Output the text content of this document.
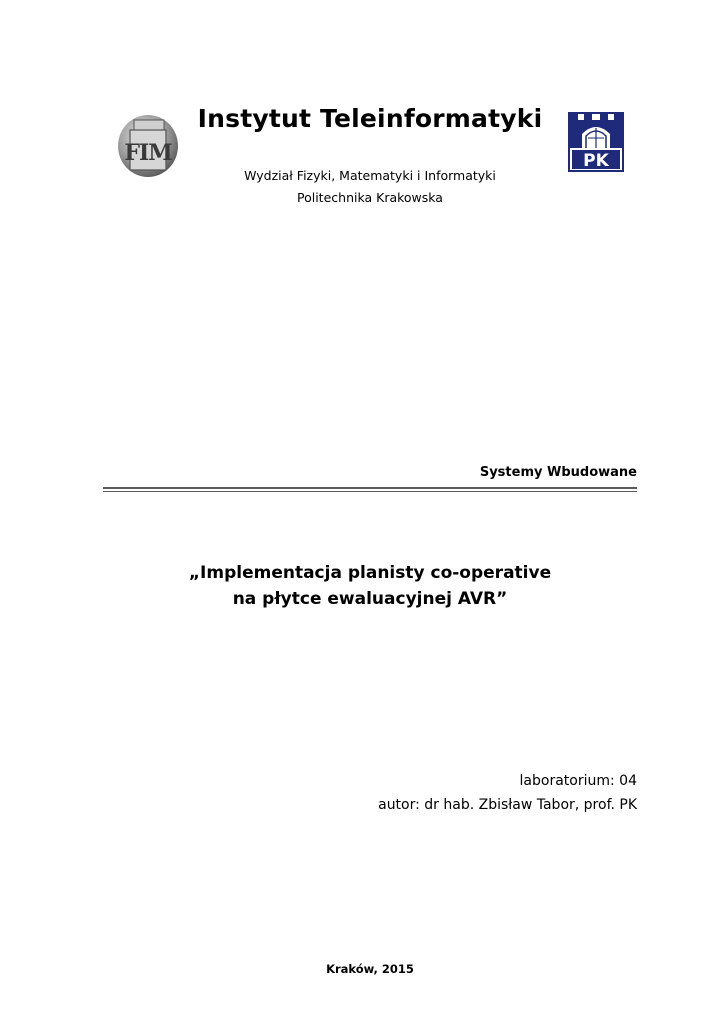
FIM
Instytut Teleinformatyki
PK
Wydział Fizyki, Matematyki i Informatyki
Politechnika Krakowska
Systemy Wbudowane
„Implementacja planisty co-operative
na płytce ewaluacyjnej AVR”
laboratorium: 04
autor: dr hab. Zbisław Tabor, prof. PK
Kraków, 2015
